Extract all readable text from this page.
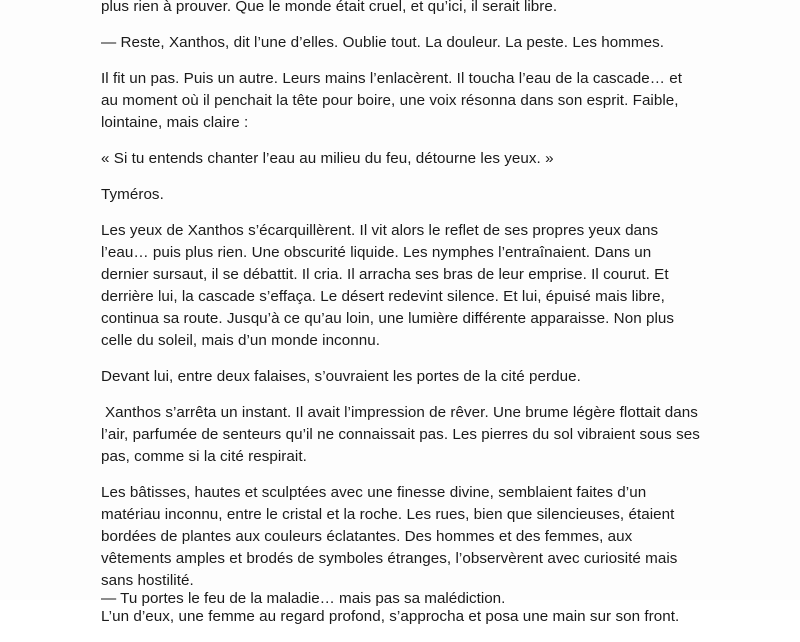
plus rien à prouver. Que le monde était cruel, et qu’ici, il serait libre.

— Reste, Xanthos, dit l’une d’elles. Oublie tout. La douleur. La peste. Les hommes.

Il fit un pas. Puis un autre. Leurs mains l’enlacèrent. Il toucha l’eau de la cascade… et au moment où il penchait la tête pour boire, une voix résonna dans son esprit. Faible, lointaine, mais claire :

« Si tu entends chanter l’eau au milieu du feu, détourne les yeux. »

Tyméros.

Les yeux de Xanthos s’écarquillèrent. Il vit alors le reflet de ses propres yeux dans l’eau… puis plus rien. Une obscurité liquide. Les nymphes l’entraînaient. Dans un dernier sursaut, il se débattit. Il cria. Il arracha ses bras de leur emprise. Il courut. Et derrière lui, la cascade s’effaça. Le désert redevint silence. Et lui, épuisé mais libre, continua sa route. Jusqu’à ce qu’au loin, une lumière différente apparaisse. Non plus celle du soleil, mais d’un monde inconnu.

Devant lui, entre deux falaises, s’ouvraient les portes de la cité perdue.

Xanthos s’arrêta un instant. Il avait l’impression de rêver. Une brume légère flottait dans l’air, parfumée de senteurs qu’il ne connaissait pas. Les pierres du sol vibraient sous ses pas, comme si la cité respirait.

Les bâtisses, hautes et sculptées avec une finesse divine, semblaient faites d’un matériau inconnu, entre le cristal et la roche. Les rues, bien que silencieuses, étaient bordées de plantes aux couleurs éclatantes. Des hommes et des femmes, aux vêtements amples et brodés de symboles étranges, l’observèrent avec curiosité mais sans hostilité.

L’un d’eux, une femme au regard profond, s’approcha et posa une main sur son front.

— Tu portes le feu de la maladie… mais pas sa malédiction.
